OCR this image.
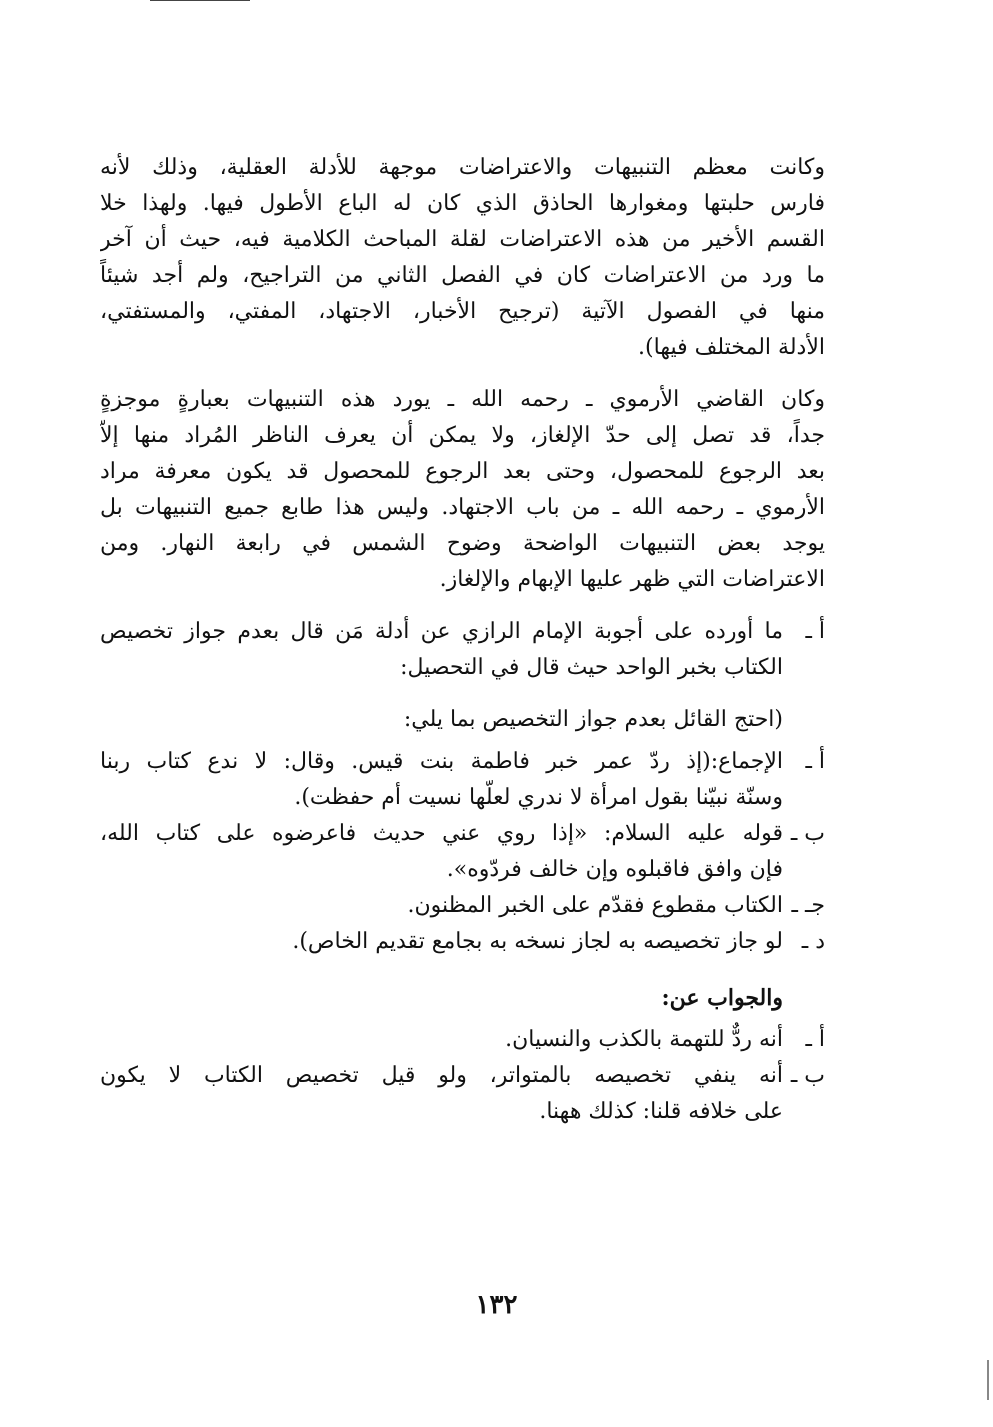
وكانت معظم التنبيهات والاعتراضات موجهة للأدلة العقلية، وذلك لأنه
فارس حلبتها ومغوارها الحاذق الذي كان له الباع الأطول فيها. ولهذا خلا
القسم الأخير من هذه الاعتراضات لقلة المباحث الكلامية فيه، حيث أن آخر
ما ورد من الاعتراضات كان في الفصل الثاني من التراجيح، ولم أجد شيئاً
منها في الفصول الآتية (ترجيح الأخبار، الاجتهاد، المفتي، والمستفتي،
الأدلة المختلف فيها).
وكان القاضي الأرموي ـ رحمه الله ـ يورد هذه التنبيهات بعبارةٍ موجزةٍ
جداً، قد تصل إلى حدّ الإلغاز، ولا يمكن أن يعرف الناظر المُراد منها إلاّ
بعد الرجوع للمحصول، وحتى بعد الرجوع للمحصول قد يكون معرفة مراد
الأرموي ـ رحمه الله ـ من باب الاجتهاد. وليس هذا طابع جميع التنبيهات بل
يوجد بعض التنبيهات الواضحة وضوح الشمس في رابعة النهار. ومن
الاعتراضات التي ظهر عليها الإبهام والإلغاز.
أ ـ
ما أورده على أجوبة الإمام الرازي عن أدلة مَن قال بعدم جواز تخصيص
الكتاب بخبر الواحد حيث قال في التحصيل:
(احتج القائل بعدم جواز التخصيص بما يلي:
أ ـ
الإجماع:(إذ ردّ عمر خبر فاطمة بنت قيس. وقال: لا ندع كتاب ربنا
وسنّة نبيّنا بقول امرأة لا ندري لعلّها نسيت أم حفظت).
ب ـ
قوله عليه السلام: «إذا روي عني حديث فاعرضوه على كتاب الله،
فإن وافق فاقبلوه وإن خالف فردّوه».
جـ ـ
الكتاب مقطوع فقدّم على الخبر المظنون.
د ـ
لو جاز تخصيصه به لجاز نسخه به بجامع تقديم الخاص).
والجواب عن:
أ ـ
أنه ردٌّ للتهمة بالكذب والنسيان.
ب ـ
أنه ينفي تخصيصه بالمتواتر، ولو قيل تخصيص الكتاب لا يكون
على خلافه قلنا: كذلك ههنا.
١٣٢
